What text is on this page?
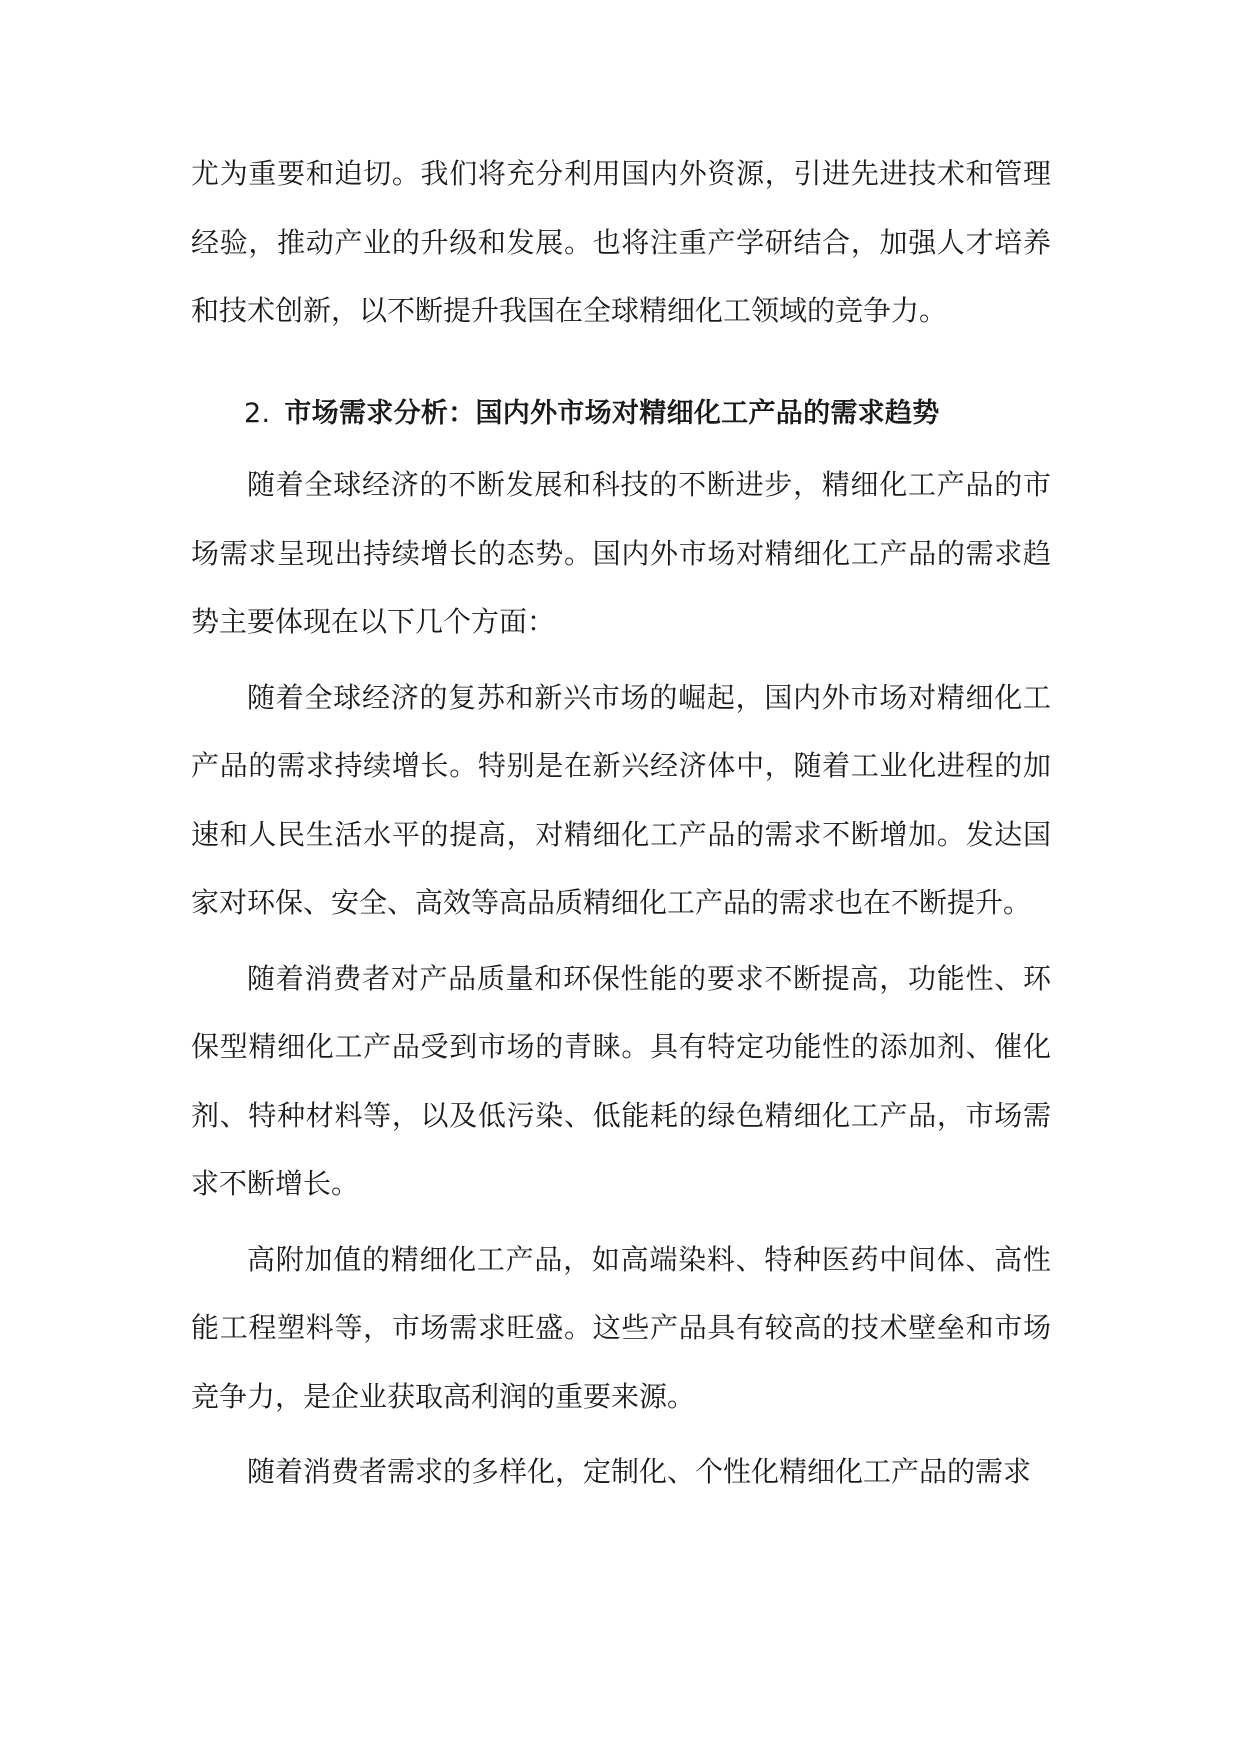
尤为重要和迫切。我们将充分利用国内外资源，引进先进技术和管理经验，推动产业的升级和发展。也将注重产学研结合，加强人才培养和技术创新，以不断提升我国在全球精细化工领域的竞争力。

2. 市场需求分析：国内外市场对精细化工产品的需求趋势

随着全球经济的不断发展和科技的不断进步，精细化工产品的市场需求呈现出持续增长的态势。国内外市场对精细化工产品的需求趋势主要体现在以下几个方面：

随着全球经济的复苏和新兴市场的崛起，国内外市场对精细化工产品的需求持续增长。特别是在新兴经济体中，随着工业化进程的加速和人民生活水平的提高，对精细化工产品的需求不断增加。发达国家对环保、安全、高效等高品质精细化工产品的需求也在不断提升。

随着消费者对产品质量和环保性能的要求不断提高，功能性、环保型精细化工产品受到市场的青睐。具有特定功能性的添加剂、催化剂、特种材料等，以及低污染、低能耗的绿色精细化工产品，市场需求不断增长。

高附加值的精细化工产品，如高端染料、特种医药中间体、高性能工程塑料等，市场需求旺盛。这些产品具有较高的技术壁垒和市场竞争力，是企业获取高利润的重要来源。

随着消费者需求的多样化，定制化、个性化精细化工产品的需求
